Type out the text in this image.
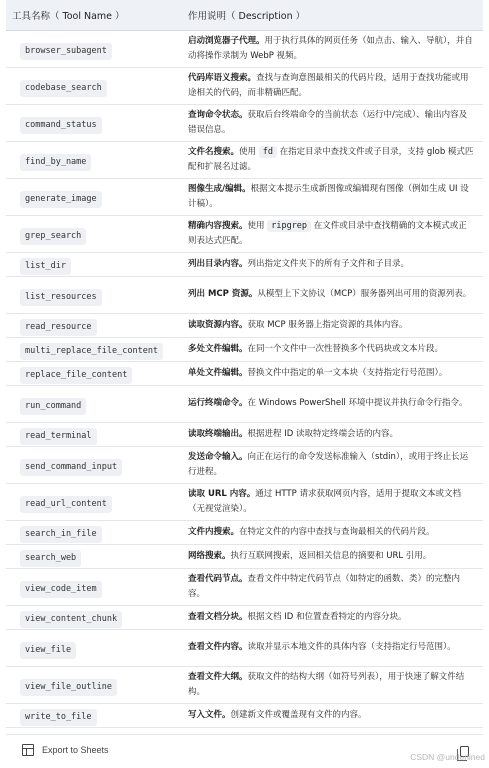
工具名称（ Tool Name ）	作用说明（ Description ）
browser_subagent	启动浏览器子代理。用于执行具体的网页任务（如点击、输入、导航），并自动将操作录制为 WebP 视频。
codebase_search	代码库语义搜索。查找与查询意图最相关的代码片段，适用于查找功能或用途相关的代码，而非精确匹配。
command_status	查询命令状态。获取后台终端命令的当前状态（运行中/完成）、输出内容及错误信息。
find_by_name	文件名搜索。使用 fd 在指定目录中查找文件或子目录，支持 glob 模式匹配和扩展名过滤。
generate_image	图像生成/编辑。根据文本提示生成新图像或编辑现有图像（例如生成 UI 设计稿）。
grep_search	精确内容搜索。使用 ripgrep 在文件或目录中查找精确的文本模式或正则表达式匹配。
list_dir	列出目录内容。列出指定文件夹下的所有子文件和子目录。
list_resources	列出 MCP 资源。从模型上下文协议（MCP）服务器列出可用的资源列表。
read_resource	读取资源内容。获取 MCP 服务器上指定资源的具体内容。
multi_replace_file_content	多处文件编辑。在同一个文件中一次性替换多个代码块或文本片段。
replace_file_content	单处文件编辑。替换文件中指定的单一文本块（支持指定行号范围）。
run_command	运行终端命令。在 Windows PowerShell 环境中提议并执行命令行指令。
read_terminal	读取终端输出。根据进程 ID 读取特定终端会话的内容。
send_command_input	发送命令输入。向正在运行的命令发送标准输入（stdin），或用于终止长运行进程。
read_url_content	读取 URL 内容。通过 HTTP 请求获取网页内容，适用于提取文本或文档（无视觉渲染）。
search_in_file	文件内搜索。在特定文件的内容中查找与查询最相关的代码片段。
search_web	网络搜索。执行互联网搜索，返回相关信息的摘要和 URL 引用。
view_code_item	查看代码节点。查看文件中特定代码节点（如特定的函数、类）的完整内容。
view_content_chunk	查看文档分块。根据文档 ID 和位置查看特定的内容分块。
view_file	查看文件内容。读取并显示本地文件的具体内容（支持指定行号范围）。
view_file_outline	查看文件大纲。获取文件的结构大纲（如符号列表），用于快速了解文件结构。
write_to_file	写入文件。创建新文件或覆盖现有文件的内容。
Export to Sheets
CSDN @underlined
